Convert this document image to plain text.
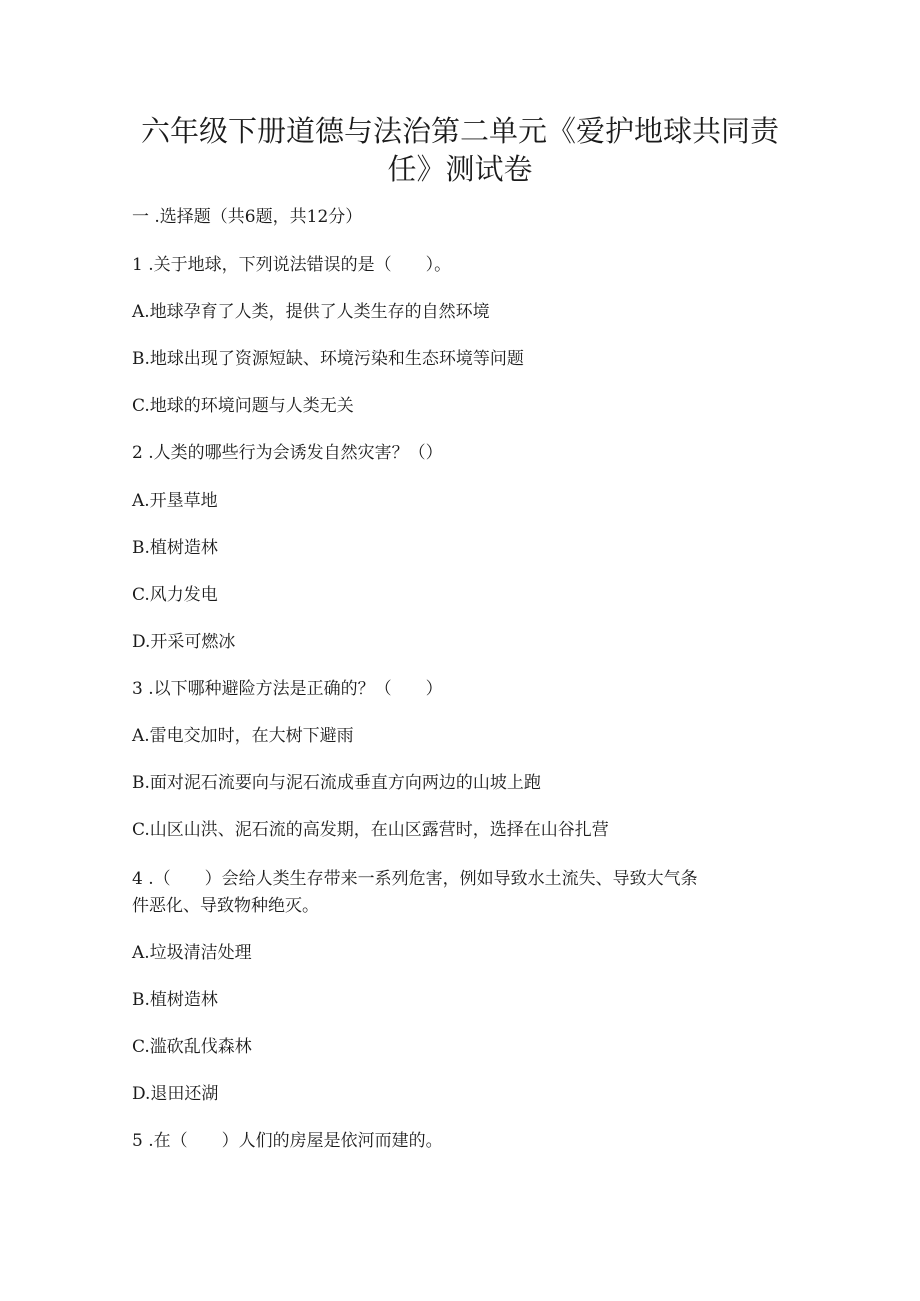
六年级下册道德与法治第二单元《爱护地球共同责
任》测试卷

一 .选择题（共6题，共12分）

1 .关于地球，下列说法错误的是（　　）。

A.地球孕育了人类，提供了人类生存的自然环境

B.地球出现了资源短缺、环境污染和生态环境等问题

C.地球的环境问题与人类无关

2 .人类的哪些行为会诱发自然灾害？（）

A.开垦草地

B.植树造林

C.风力发电

D.开采可燃冰

3 .以下哪种避险方法是正确的？（　　）

A.雷电交加时，在大树下避雨

B.面对泥石流要向与泥石流成垂直方向两边的山坡上跑

C.山区山洪、泥石流的高发期，在山区露营时，选择在山谷扎营

4 .（　　）会给人类生存带来一系列危害，例如导致水土流失、导致大气条

件恶化、导致物种绝灭。

A.垃圾清洁处理

B.植树造林

C.滥砍乱伐森林

D.退田还湖

5 .在（　　）人们的房屋是依河而建的。
